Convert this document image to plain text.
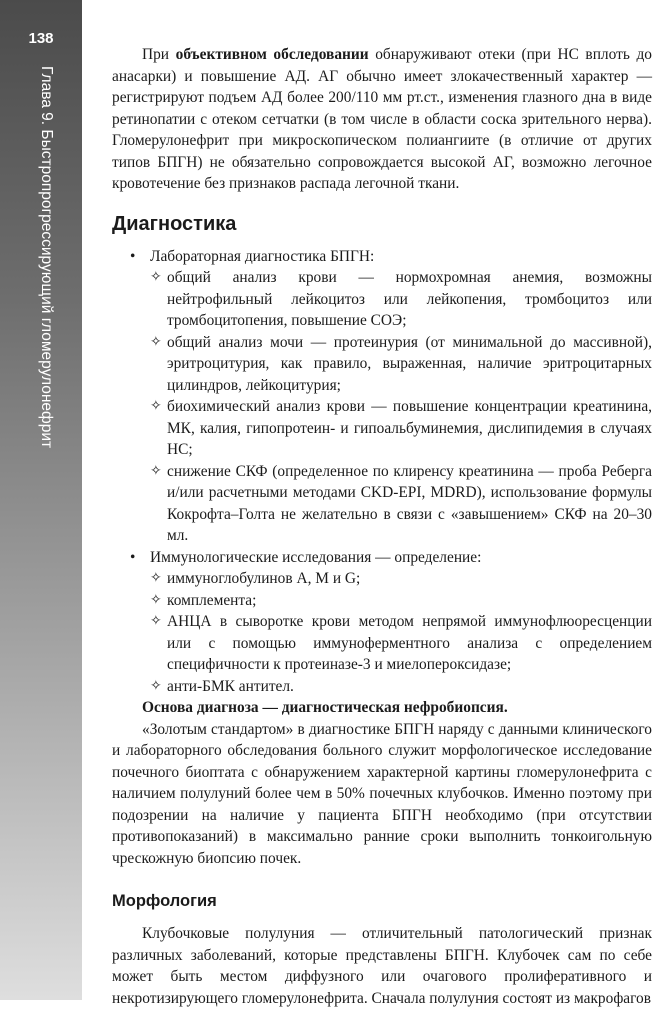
138
Глава 9. Быстропрогрессирующий гломерулонефрит

При объективном обследовании обнаруживают отеки (при НС вплоть до анасарки) и повышение АД. АГ обычно имеет злокачественный характер — регистрируют подъем АД более 200/110 мм рт.ст., изменения глазного дна в виде ретинопатии с отеком сетчатки (в том числе в области соска зрительного нерва). Гломерулонефрит при микроскопическом полиангиите (в отличие от других типов БПГН) не обязательно сопровождается высокой АГ, возможно легочное кровотечение без признаков распада легочной ткани.

Диагностика
• Лабораторная диагностика БПГН:
✧ общий анализ крови — нормохромная анемия, возможны нейтрофильный лейкоцитоз или лейкопения, тромбоцитоз или тромбоцитопения, повышение СОЭ;
✧ общий анализ мочи — протеинурия (от минимальной до массивной), эритроцитурия, как правило, выраженная, наличие эритроцитарных цилиндров, лейкоцитурия;
✧ биохимический анализ крови — повышение концентрации креатинина, МК, калия, гипопротеин- и гипоальбуминемия, дислипидемия в случаях НС;
✧ снижение СКФ (определенное по клиренсу креатинина — проба Реберга и/или расчетными методами CKD-EPI, MDRD), использование формулы Кокрофта–Голта не желательно в связи с «завышением» СКФ на 20–30 мл.
• Иммунологические исследования — определение:
✧ иммуноглобулинов А, М и G;
✧ комплемента;
✧ АНЦА в сыворотке крови методом непрямой иммунофлюоресценции или с помощью иммуноферментного анализа с определением специфичности к протеиназе-3 и миелопероксидазе;
✧ анти-БМК антител.

Основа диагноза — диагностическая нефробиопсия.

«Золотым стандартом» в диагностике БПГН наряду с данными клинического и лабораторного обследования больного служит морфологическое исследование почечного биоптата с обнаружением характерной картины гломерулонефрита с наличием полулуний более чем в 50% почечных клубочков. Именно поэтому при подозрении на наличие у пациента БПГН необходимо (при отсутствии противопоказаний) в максимально ранние сроки выполнить тонкоигольную чрескожную биопсию почек.

Морфология

Клубочковые полулуния — отличительный патологический признак различных заболеваний, которые представлены БПГН. Клубочек сам по себе может быть местом диффузного или очагового пролиферативного и некротизирующего гломерулонефрита. Сначала полулуния состоят из макрофагов
